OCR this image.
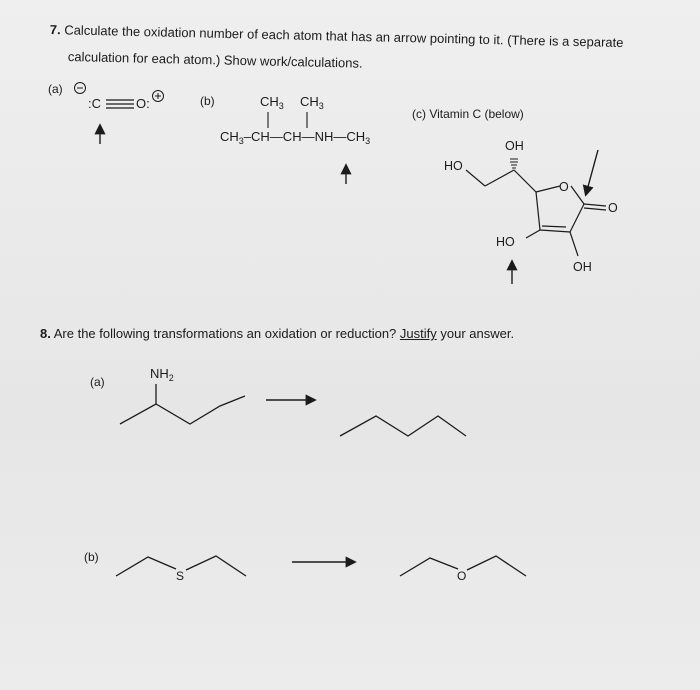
7. Calculate the oxidation number of each atom that has an arrow pointing to it. (There is a separate
calculation for each atom.) Show work/calculations.
8. Are the following transformations an oxidation or reduction? Justify your answer.
(a)
:C	O:	(b)	$CH_3$ $CH_3$
$CH_3-CH—CH—NH—CH_3$
(c) Vitamin C (below)
OH
HO
O
O
HO
OH
(a)
$NH_2$
(b)
S	O
